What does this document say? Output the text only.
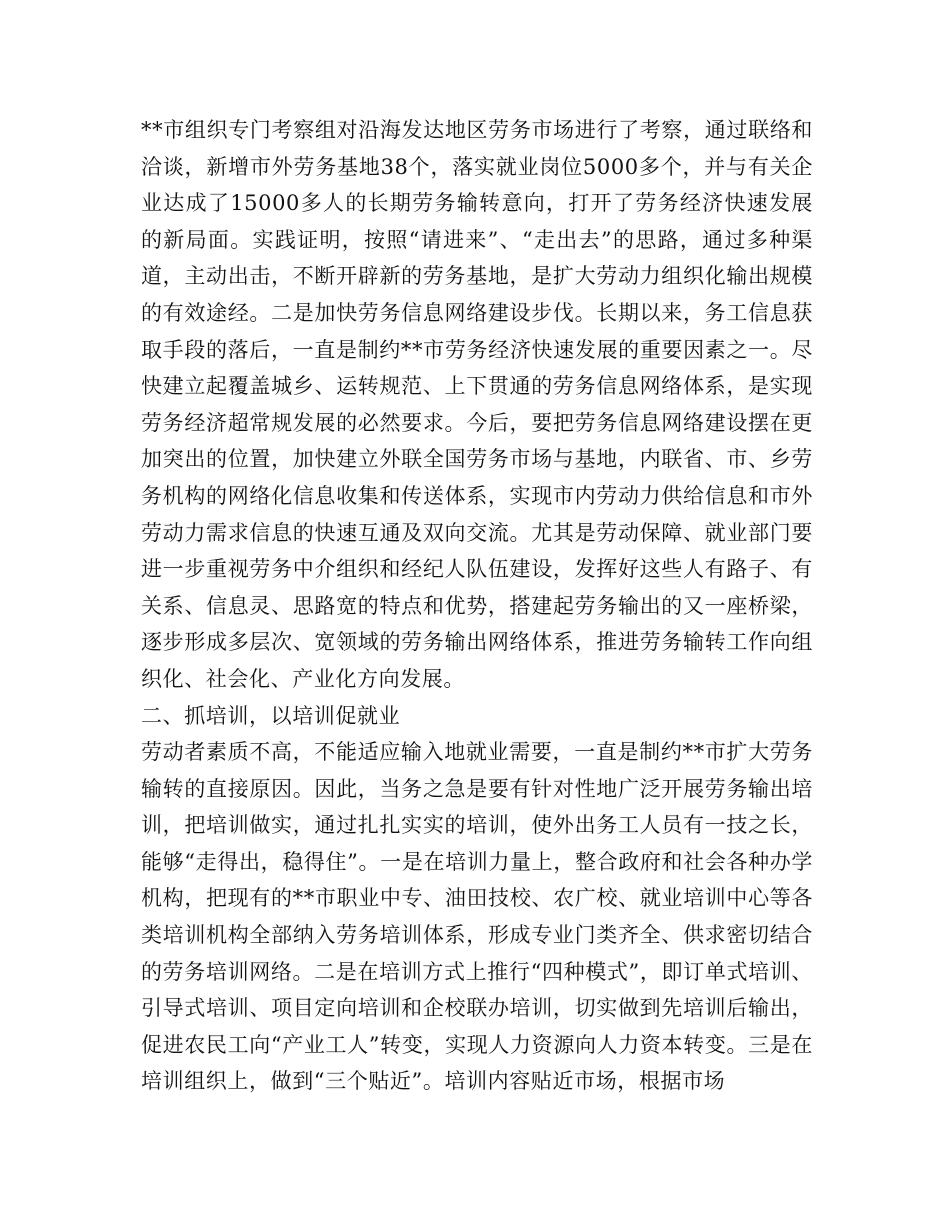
**市组织专门考察组对沿海发达地区劳务市场进行了考察，通过联络和洽谈，新增市外劳务基地38个，落实就业岗位5000多个，并与有关企业达成了15000多人的长期劳务输转意向，打开了劳务经济快速发展的新局面。实践证明，按照“请进来”、“走出去”的思路，通过多种渠道，主动出击，不断开辟新的劳务基地，是扩大劳动力组织化输出规模的有效途经。二是加快劳务信息网络建设步伐。长期以来，务工信息获取手段的落后，一直是制约**市劳务经济快速发展的重要因素之一。尽快建立起覆盖城乡、运转规范、上下贯通的劳务信息网络体系，是实现劳务经济超常规发展的必然要求。今后，要把劳务信息网络建设摆在更加突出的位置，加快建立外联全国劳务市场与基地，内联省、市、乡劳务机构的网络化信息收集和传送体系，实现市内劳动力供给信息和市外劳动力需求信息的快速互通及双向交流。尤其是劳动保障、就业部门要进一步重视劳务中介组织和经纪人队伍建设，发挥好这些人有路子、有关系、信息灵、思路宽的特点和优势，搭建起劳务输出的又一座桥梁，逐步形成多层次、宽领域的劳务输出网络体系，推进劳务输转工作向组织化、社会化、产业化方向发展。

二、抓培训，以培训促就业

劳动者素质不高，不能适应输入地就业需要，一直是制约**市扩大劳务输转的直接原因。因此，当务之急是要有针对性地广泛开展劳务输出培训，把培训做实，通过扎扎实实的培训，使外出务工人员有一技之长，能够“走得出，稳得住”。一是在培训力量上，整合政府和社会各种办学机构，把现有的**市职业中专、油田技校、农广校、就业培训中心等各类培训机构全部纳入劳务培训体系，形成专业门类齐全、供求密切结合的劳务培训网络。二是在培训方式上推行“四种模式”，即订单式培训、引导式培训、项目定向培训和企校联办培训，切实做到先培训后输出，促进农民工向“产业工人”转变，实现人力资源向人力资本转变。三是在培训组织上，做到“三个贴近”。培训内容贴近市场，根据市场
